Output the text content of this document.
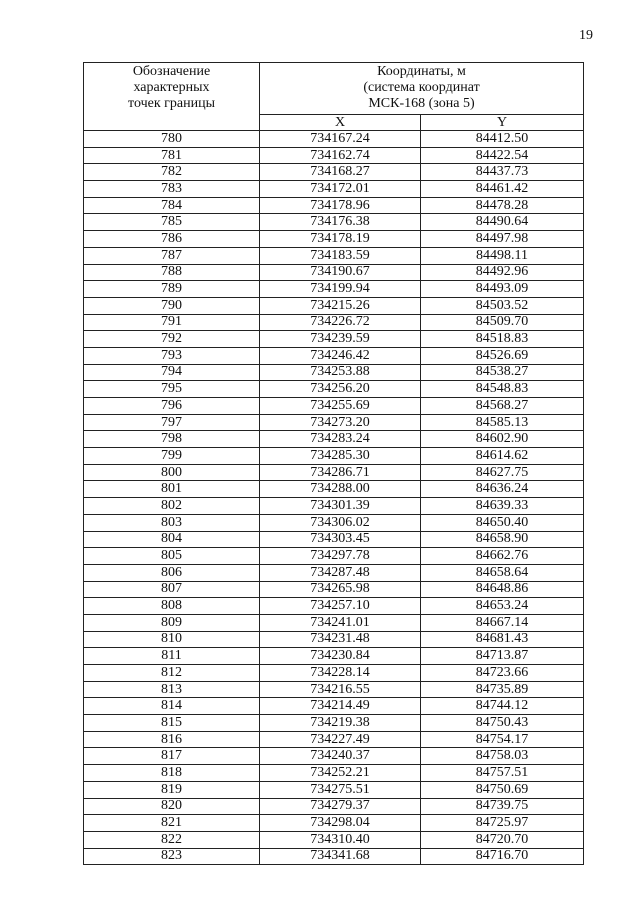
19
Обозначение
характерных
точек границы	Координаты, м
(система координат
МСК-168 (зона 5)	

	X	Y
780	734167.24	84412.50
781	734162.74	84422.54
782	734168.27	84437.73
783	734172.01	84461.42
784	734178.96	84478.28
785	734176.38	84490.64
786	734178.19	84497.98
787	734183.59	84498.11
788	734190.67	84492.96
789	734199.94	84493.09
790	734215.26	84503.52
791	734226.72	84509.70
792	734239.59	84518.83
793	734246.42	84526.69
794	734253.88	84538.27
795	734256.20	84548.83
796	734255.69	84568.27
797	734273.20	84585.13
798	734283.24	84602.90
799	734285.30	84614.62
800	734286.71	84627.75
801	734288.00	84636.24
802	734301.39	84639.33
803	734306.02	84650.40
804	734303.45	84658.90
805	734297.78	84662.76
806	734287.48	84658.64
807	734265.98	84648.86
808	734257.10	84653.24
809	734241.01	84667.14
810	734231.48	84681.43
811	734230.84	84713.87
812	734228.14	84723.66
813	734216.55	84735.89
814	734214.49	84744.12
815	734219.38	84750.43
816	734227.49	84754.17
817	734240.37	84758.03
818	734252.21	84757.51
819	734275.51	84750.69
820	734279.37	84739.75
821	734298.04	84725.97
822	734310.40	84720.70
823	734341.68	84716.70
